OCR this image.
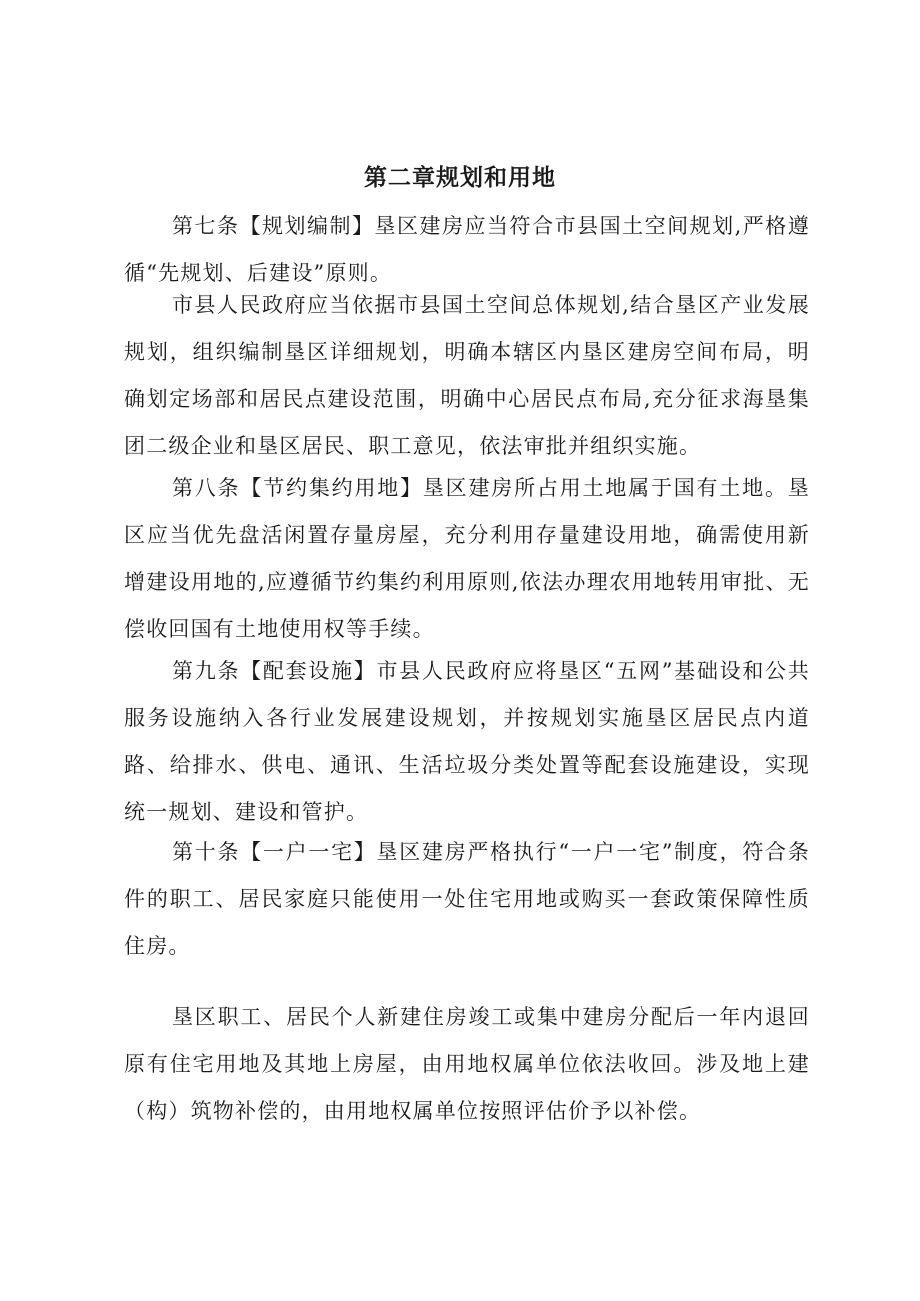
第二章规划和用地

第七条【规划编制】垦区建房应当符合市县国土空间规划,严格遵循“先规划、后建设”原则。

市县人民政府应当依据市县国土空间总体规划,结合垦区产业发展规划，组织编制垦区详细规划，明确本辖区内垦区建房空间布局，明确划定场部和居民点建设范围，明确中心居民点布局,充分征求海垦集团二级企业和垦区居民、职工意见，依法审批并组织实施。

第八条【节约集约用地】垦区建房所占用土地属于国有土地。垦区应当优先盘活闲置存量房屋，充分利用存量建设用地，确需使用新增建设用地的,应遵循节约集约利用原则,依法办理农用地转用审批、无偿收回国有土地使用权等手续。

第九条【配套设施】市县人民政府应将垦区“五网”基础设和公共服务设施纳入各行业发展建设规划，并按规划实施垦区居民点内道路、给排水、供电、通讯、生活垃圾分类处置等配套设施建设，实现统一规划、建设和管护。

第十条【一户一宅】垦区建房严格执行“一户一宅”制度，符合条件的职工、居民家庭只能使用一处住宅用地或购买一套政策保障性质住房。

垦区职工、居民个人新建住房竣工或集中建房分配后一年内退回原有住宅用地及其地上房屋，由用地权属单位依法收回。涉及地上建（构）筑物补偿的，由用地权属单位按照评估价予以补偿。
